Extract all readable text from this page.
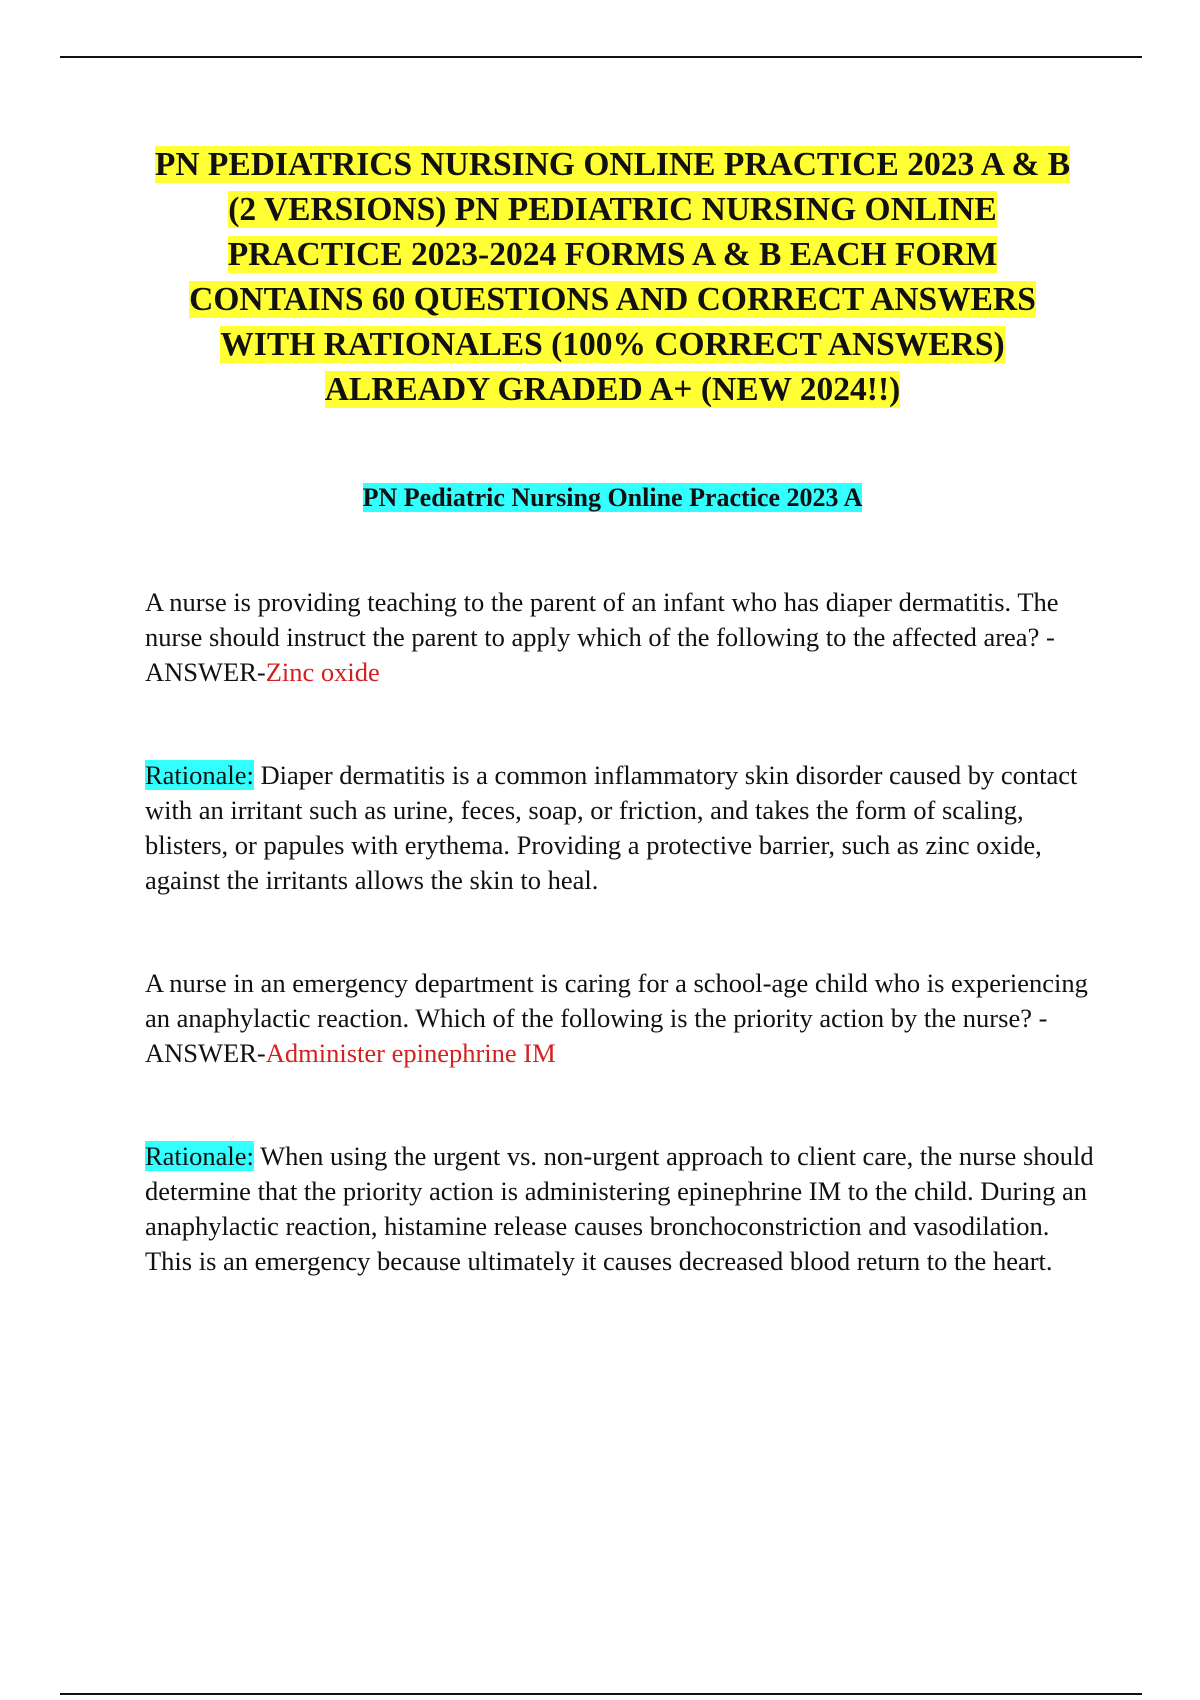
PN PEDIATRICS NURSING ONLINE PRACTICE 2023 A & B (2 VERSIONS) PN PEDIATRIC NURSING ONLINE PRACTICE 2023-2024 FORMS A & B EACH FORM CONTAINS 60 QUESTIONS AND CORRECT ANSWERS WITH RATIONALES (100% CORRECT ANSWERS) ALREADY GRADED A+ (NEW 2024!!)
PN Pediatric Nursing Online Practice 2023 A

A nurse is providing teaching to the parent of an infant who has diaper dermatitis. The nurse should instruct the parent to apply which of the following to the affected area? - ANSWER-Zinc oxide

Rationale: Diaper dermatitis is a common inflammatory skin disorder caused by contact with an irritant such as urine, feces, soap, or friction, and takes the form of scaling, blisters, or papules with erythema. Providing a protective barrier, such as zinc oxide, against the irritants allows the skin to heal.

A nurse in an emergency department is caring for a school-age child who is experiencing an anaphylactic reaction. Which of the following is the priority action by the nurse? - ANSWER-Administer epinephrine IM

Rationale: When using the urgent vs. non-urgent approach to client care, the nurse should determine that the priority action is administering epinephrine IM to the child. During an anaphylactic reaction, histamine release causes bronchoconstriction and vasodilation. This is an emergency because ultimately it causes decreased blood return to the heart.
